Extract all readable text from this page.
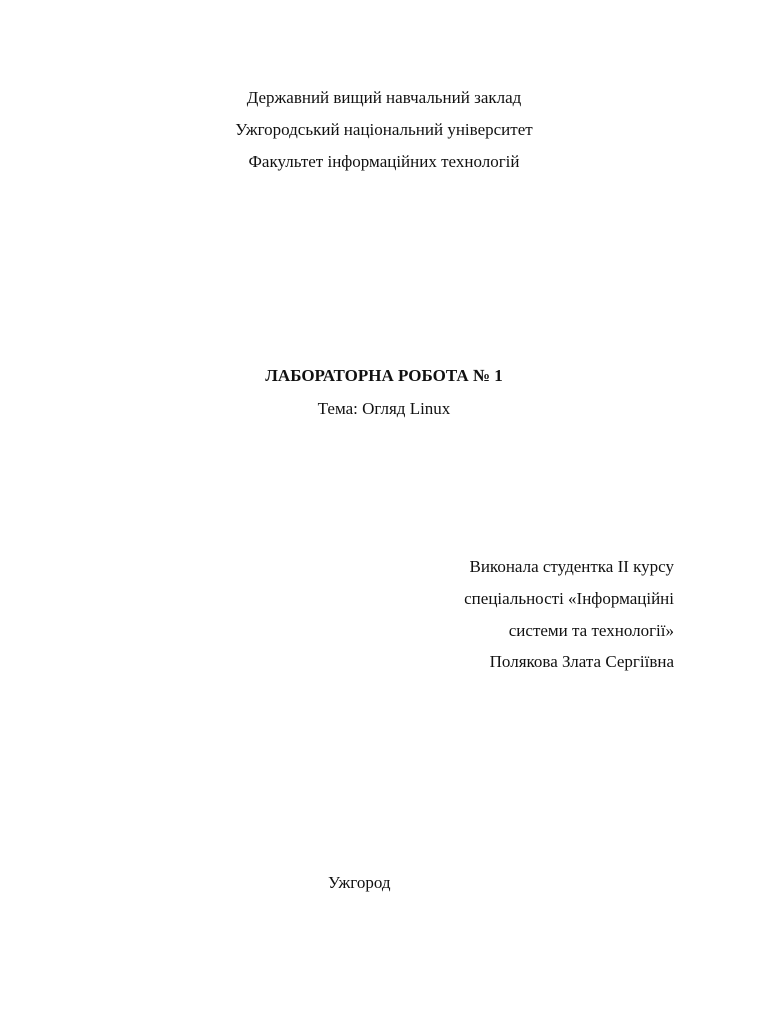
Державний вищий навчальний заклад
Ужгородський національний університет
Факультет інформаційних технологій
ЛАБОРАТОРНА РОБОТА № 1
Тема: Огляд Linux
Виконала студентка ІІ курсу
спеціальності «Інформаційні
системи та технології»
Полякова Злата Сергіївна
Ужгород
